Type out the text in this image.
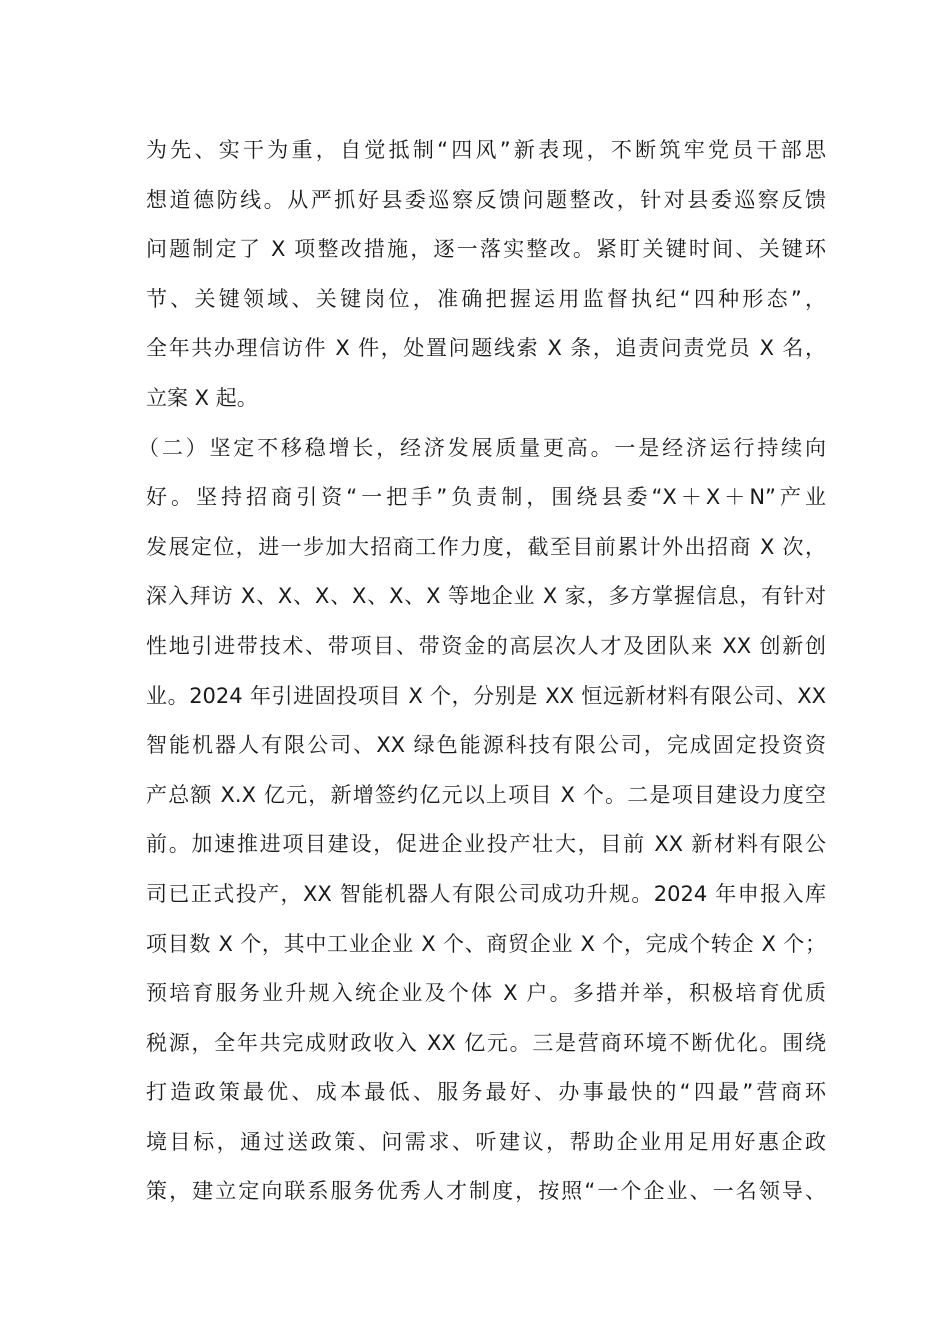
为先、实干为重，自觉抵制“四风”新表现，不断筑牢党员干部思
想道德防线。从严抓好县委巡察反馈问题整改，针对县委巡察反馈
问题制定了 X 项整改措施，逐一落实整改。紧盯关键时间、关键环
节、关键领域、关键岗位，准确把握运用监督执纪“四种形态”，
全年共办理信访件 X 件，处置问题线索 X 条，追责问责党员 X 名，
立案 X 起。
（二）坚定不移稳增长，经济发展质量更高。一是经济运行持续向
好。坚持招商引资“一把手”负责制，围绕县委“X＋X＋N”产业
发展定位，进一步加大招商工作力度，截至目前累计外出招商 X 次，
深入拜访 X、X、X、X、X、X 等地企业 X 家，多方掌握信息，有针对
性地引进带技术、带项目、带资金的高层次人才及团队来 XX 创新创
业。2024 年引进固投项目 X 个，分别是 XX 恒远新材料有限公司、XX
智能机器人有限公司、XX 绿色能源科技有限公司，完成固定投资资
产总额 X.X 亿元，新增签约亿元以上项目 X 个。二是项目建设力度空
前。加速推进项目建设，促进企业投产壮大，目前 XX 新材料有限公
司已正式投产，XX 智能机器人有限公司成功升规。2024 年申报入库
项目数 X 个，其中工业企业 X 个、商贸企业 X 个，完成个转企 X 个；
预培育服务业升规入统企业及个体 X 户。多措并举，积极培育优质
税源，全年共完成财政收入 XX 亿元。三是营商环境不断优化。围绕
打造政策最优、成本最低、服务最好、办事最快的“四最”营商环
境目标，通过送政策、问需求、听建议，帮助企业用足用好惠企政
策，建立定向联系服务优秀人才制度，按照“一个企业、一名领导、
